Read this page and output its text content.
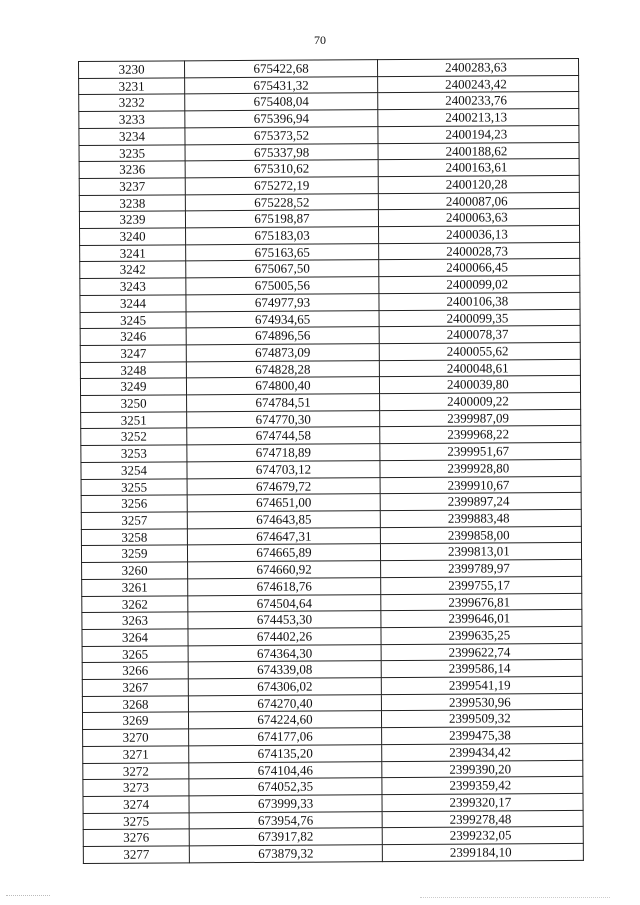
70
3230	675422,68	2400283,63
3231	675431,32	2400243,42
3232	675408,04	2400233,76
3233	675396,94	2400213,13
3234	675373,52	2400194,23
3235	675337,98	2400188,62
3236	675310,62	2400163,61
3237	675272,19	2400120,28
3238	675228,52	2400087,06
3239	675198,87	2400063,63
3240	675183,03	2400036,13
3241	675163,65	2400028,73
3242	675067,50	2400066,45
3243	675005,56	2400099,02
3244	674977,93	2400106,38
3245	674934,65	2400099,35
3246	674896,56	2400078,37
3247	674873,09	2400055,62
3248	674828,28	2400048,61
3249	674800,40	2400039,80
3250	674784,51	2400009,22
3251	674770,30	2399987,09
3252	674744,58	2399968,22
3253	674718,89	2399951,67
3254	674703,12	2399928,80
3255	674679,72	2399910,67
3256	674651,00	2399897,24
3257	674643,85	2399883,48
3258	674647,31	2399858,00
3259	674665,89	2399813,01
3260	674660,92	2399789,97
3261	674618,76	2399755,17
3262	674504,64	2399676,81
3263	674453,30	2399646,01
3264	674402,26	2399635,25
3265	674364,30	2399622,74
3266	674339,08	2399586,14
3267	674306,02	2399541,19
3268	674270,40	2399530,96
3269	674224,60	2399509,32
3270	674177,06	2399475,38
3271	674135,20	2399434,42
3272	674104,46	2399390,20
3273	674052,35	2399359,42
3274	673999,33	2399320,17
3275	673954,76	2399278,48
3276	673917,82	2399232,05
3277	673879,32	2399184,10
